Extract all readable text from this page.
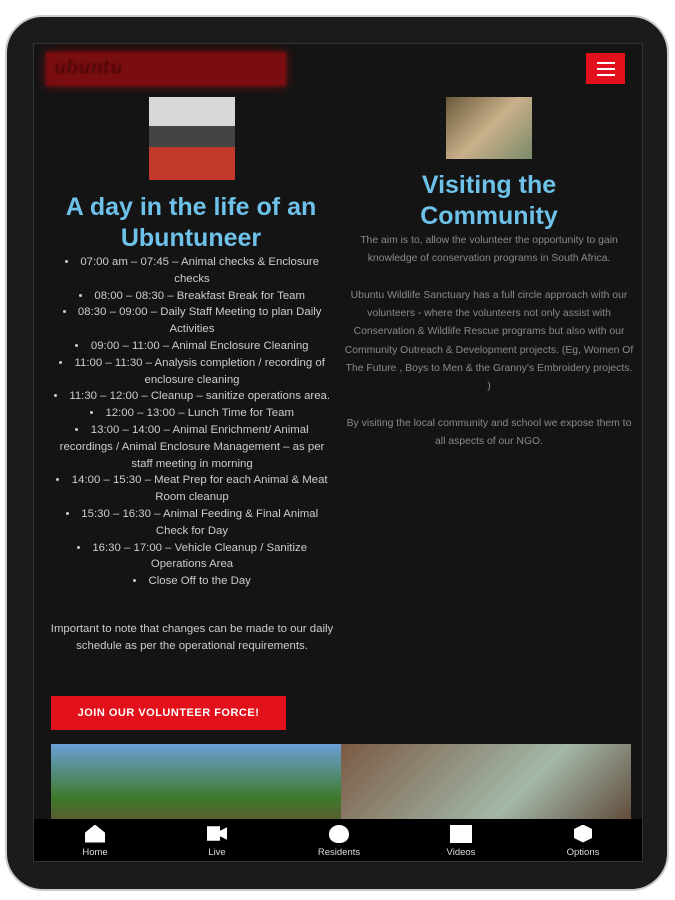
ubuntu
A day in the life of an Ubuntuneer
Visiting the Community
• 07:00 am – 07:45 – Animal checks & Enclosure checks
• 08:00 – 08:30 – Breakfast Break for Team
• 08:30 – 09:00 – Daily Staff Meeting to plan Daily Activities
• 09:00 – 11:00 – Animal Enclosure Cleaning
• 11:00 – 11:30 – Analysis completion / recording of enclosure cleaning
• 11:30 – 12:00 – Cleanup – sanitize operations area.
• 12:00 – 13:00 – Lunch Time for Team
• 13:00 – 14:00 – Animal Enrichment/ Animal recordings / Animal Enclosure Management – as per staff meeting in morning
• 14:00 – 15:30 – Meat Prep for each Animal & Meat Room cleanup
• 15:30 – 16:30 – Animal Feeding & Final Animal Check for Day
• 16:30 – 17:00 – Vehicle Cleanup / Sanitize Operations Area
• Close Off to the Day

Important to note that changes can be made to our daily schedule as per the operational requirements.

The aim is to, allow the volunteer the opportunity to gain knowledge of conservation programs in South Africa.

Ubuntu Wildlife Sanctuary has a full circle approach with our volunteers - where the volunteers not only assist with Conservation & Wildlife Rescue programs but also with our Community Outreach & Development projects. (Eg, Women Of The Future , Boys to Men & the Granny's Embroidery projects. )

By visiting the local community and school we expose them to all aspects of our NGO.

JOIN OUR VOLUNTEER FORCE!
Home	Live	Residents	Videos	Options
